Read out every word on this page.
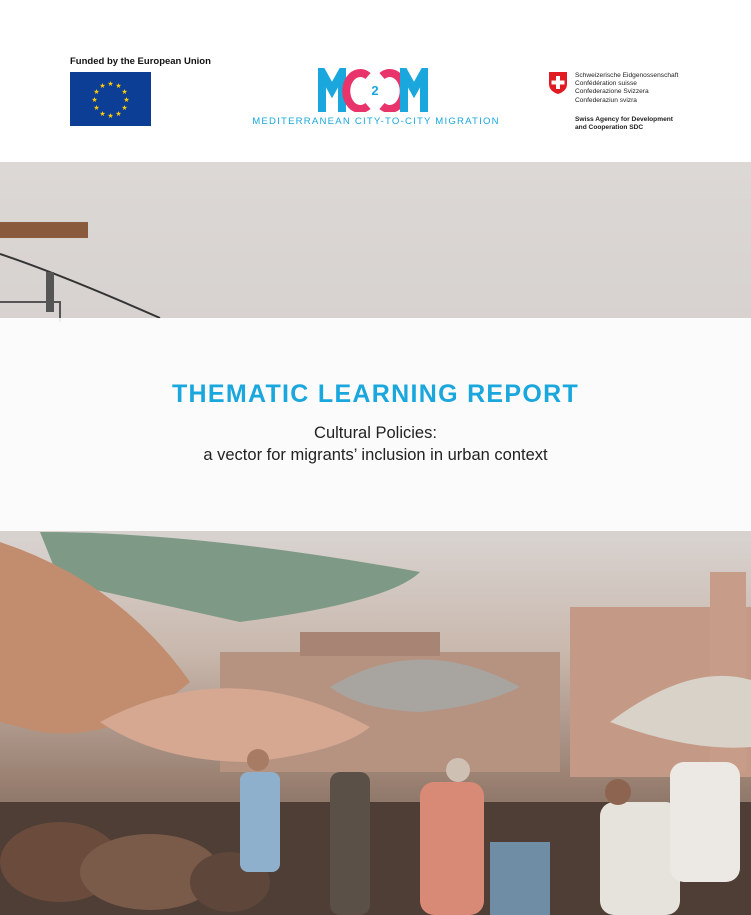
Funded by the European Union
★ ★
★
★
★
★
★
★
★
★
★
★	2
MEDITERRANEAN CITY-TO-CITY MIGRATION
Schweizerische Eidgenossenschaft
Confédération suisse
Confederazione Svizzera
Confederaziun svizra
Swiss Agency for Development
and Cooperation SDC
THEMATIC LEARNING REPORT
Cultural Policies:
a vector for migrants’ inclusion in urban context
